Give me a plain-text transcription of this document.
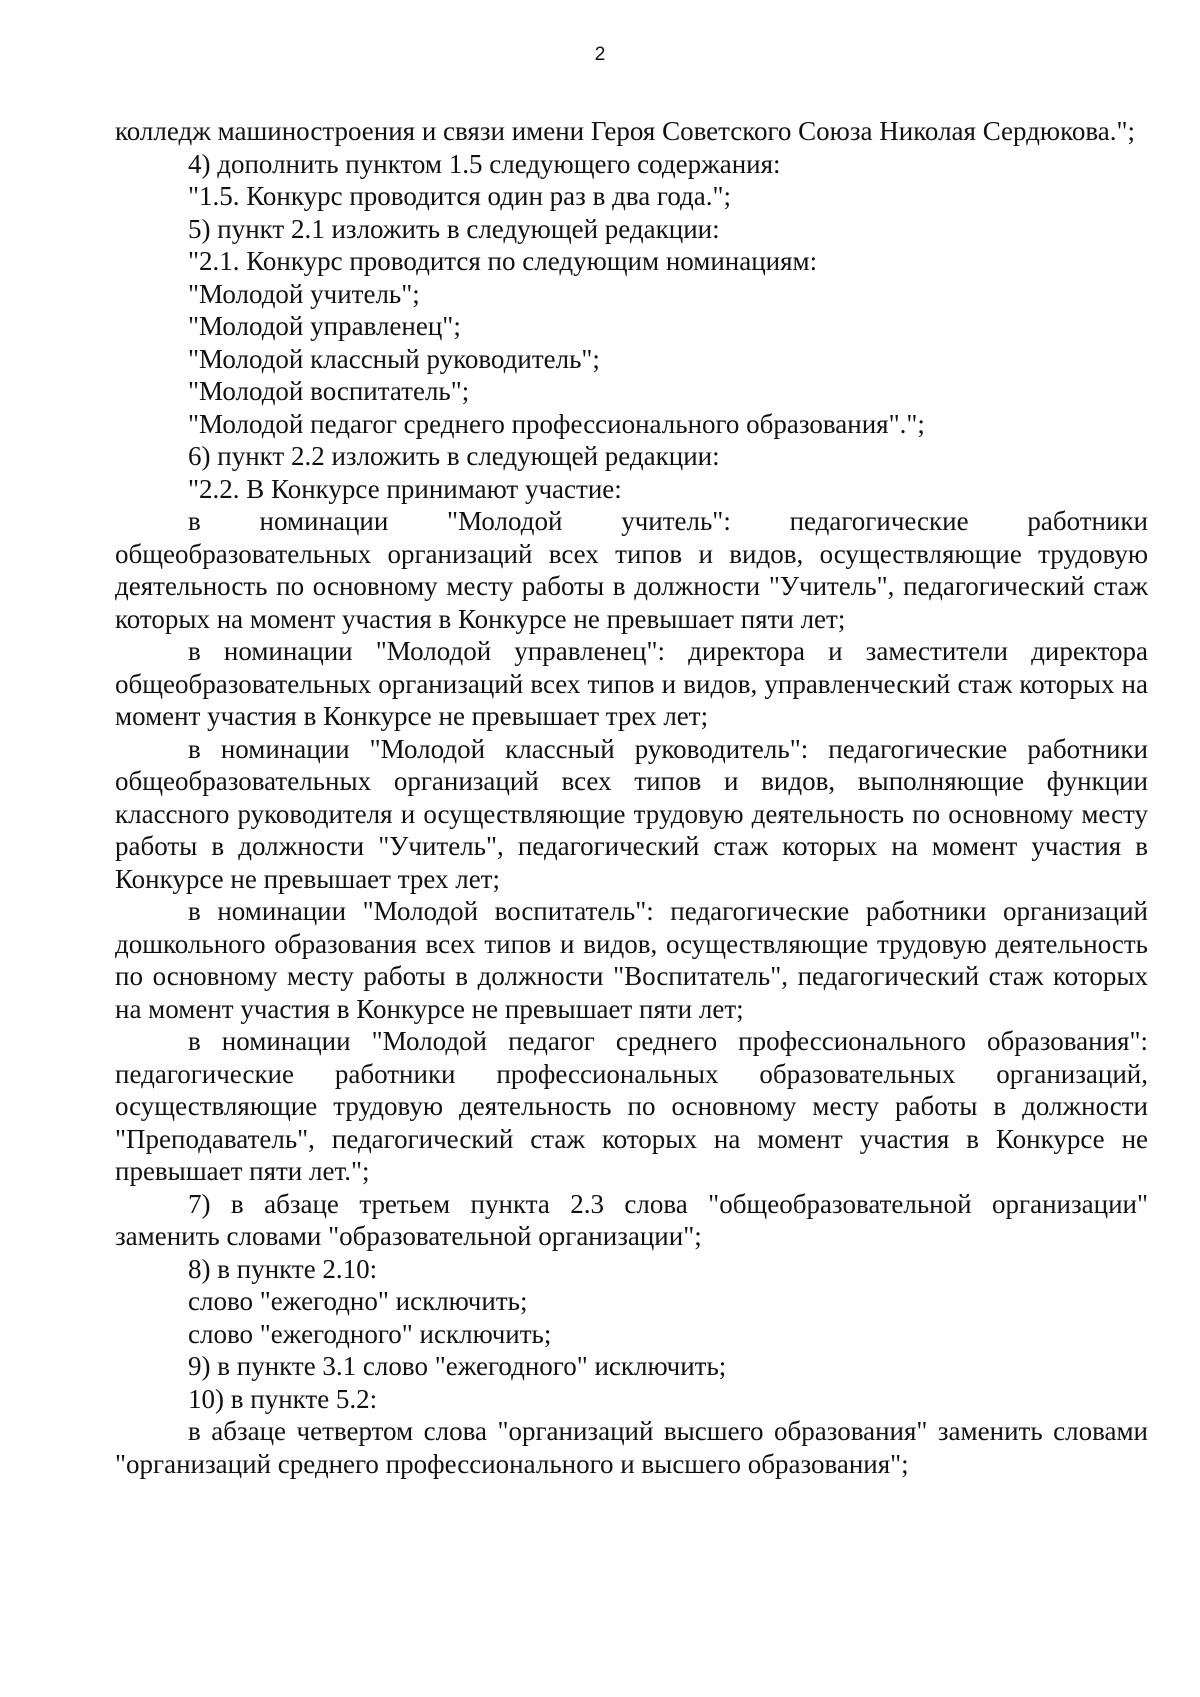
2

колледж машиностроения и связи имени Героя Советского Союза Николая Сердюкова.";

4) дополнить пунктом 1.5 следующего содержания:

"1.5. Конкурс проводится один раз в два года.";

5) пункт 2.1 изложить в следующей редакции:

"2.1. Конкурс проводится по следующим номинациям:

"Молодой учитель";

"Молодой управленец";

"Молодой классный руководитель";

"Молодой воспитатель";

"Молодой педагог среднего профессионального образования".";

6) пункт 2.2 изложить в следующей редакции:

"2.2. В Конкурсе принимают участие:

в номинации "Молодой учитель": педагогические работники общеобразовательных организаций всех типов и видов, осуществляющие трудовую деятельность по основному месту работы в должности "Учитель", педагогический стаж которых на момент участия в Конкурсе не превышает пяти лет;

в номинации "Молодой управленец": директора и заместители директора общеобразовательных организаций всех типов и видов, управленческий стаж которых на момент участия в Конкурсе не превышает трех лет;

в номинации "Молодой классный руководитель": педагогические работники общеобразовательных организаций всех типов и видов, выполняющие функции классного руководителя и осуществляющие трудовую деятельность по основному месту работы в должности "Учитель", педагогический стаж которых на момент участия в Конкурсе не превышает трех лет;

в номинации "Молодой воспитатель": педагогические работники организаций дошкольного образования всех типов и видов, осуществляющие трудовую деятельность по основному месту работы в должности "Воспитатель", педагогический стаж которых на момент участия в Конкурсе не превышает пяти лет;

в номинации "Молодой педагог среднего профессионального образования": педагогические работники профессиональных образовательных организаций, осуществляющие трудовую деятельность по основному месту работы в должности "Преподаватель", педагогический стаж которых на момент участия в Конкурсе не превышает пяти лет.";

7) в абзаце третьем пункта 2.3 слова "общеобразовательной организации" заменить словами "образовательной организации";

8) в пункте 2.10:

слово "ежегодно" исключить;

слово "ежегодного" исключить;

9) в пункте 3.1 слово "ежегодного" исключить;

10) в пункте 5.2:

в абзаце четвертом слова "организаций высшего образования" заменить словами "организаций среднего профессионального и высшего образования";
